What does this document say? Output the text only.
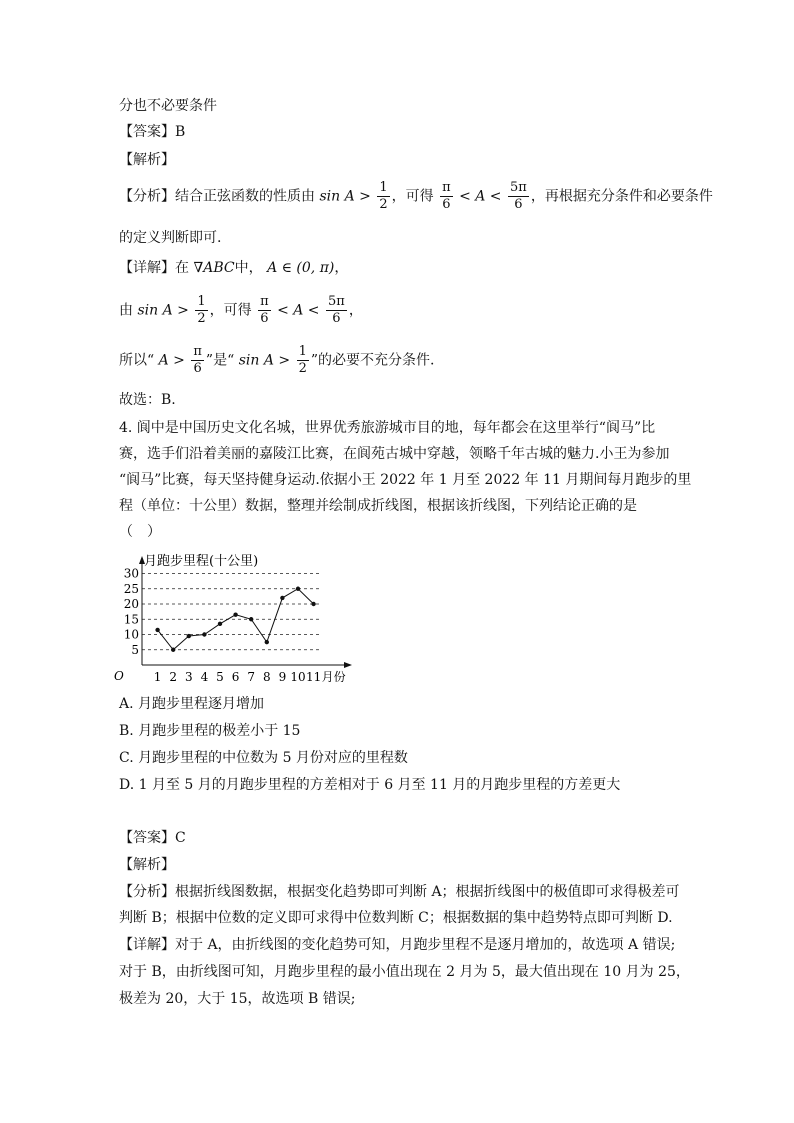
分也不必要条件
【答案】B
【解析】
【分析】结合正弦函数的性质由 $\sin A > \frac{1}{2}$ ，可得 $\frac{\pi}{6} < A < \frac{5\pi}{6}$ ，再根据充分条件和必要条件
的定义判断即可.
【详解】在 ∇ABC中， A ∈ (0, π)，
由 $\sin A > \frac{1}{2}$ ，可得 $\frac{\pi}{6} < A < \frac{5\pi}{6}$ ，
所以“ $A > \frac{\pi}{6}$ ”是“ $\sin A > \frac{1}{2}$ ”的必要不充分条件.
故选：B.
4. 阆中是中国历史文化名城，世界优秀旅游城市目的地，每年都会在这里举行“阆马”比
赛，选手们沿着美丽的嘉陵江比赛，在阆苑古城中穿越，领略千年古城的魅力.小王为参加
“阆马”比赛，每天坚持健身运动.依据小王 2022 年 1 月至 2022 年 11 月期间每月跑步的里
程（单位：十公里）数据，整理并绘制成折线图，根据该折线图，下列结论正确的是
（　）
月跑步里程(十公里)
5
10
15
20
25
30
O 1 2 3 4 5 6 7 8 9 10 11 月份
A. 月跑步里程逐月增加
B. 月跑步里程的极差小于 15
C. 月跑步里程的中位数为 5 月份对应的里程数
D. 1 月至 5 月的月跑步里程的方差相对于 6 月至 11 月的月跑步里程的方差更大
【答案】C
【解析】
【分析】根据折线图数据，根据变化趋势即可判断 A；根据折线图中的极值即可求得极差可
判断 B；根据中位数的定义即可求得中位数判断 C；根据数据的集中趋势特点即可判断 D.
【详解】对于 A，由折线图的变化趋势可知，月跑步里程不是逐月增加的，故选项 A 错误;
对于 B，由折线图可知，月跑步里程的最小值出现在 2 月为 5，最大值出现在 10 月为 25，
极差为 20，大于 15，故选项 B 错误;
